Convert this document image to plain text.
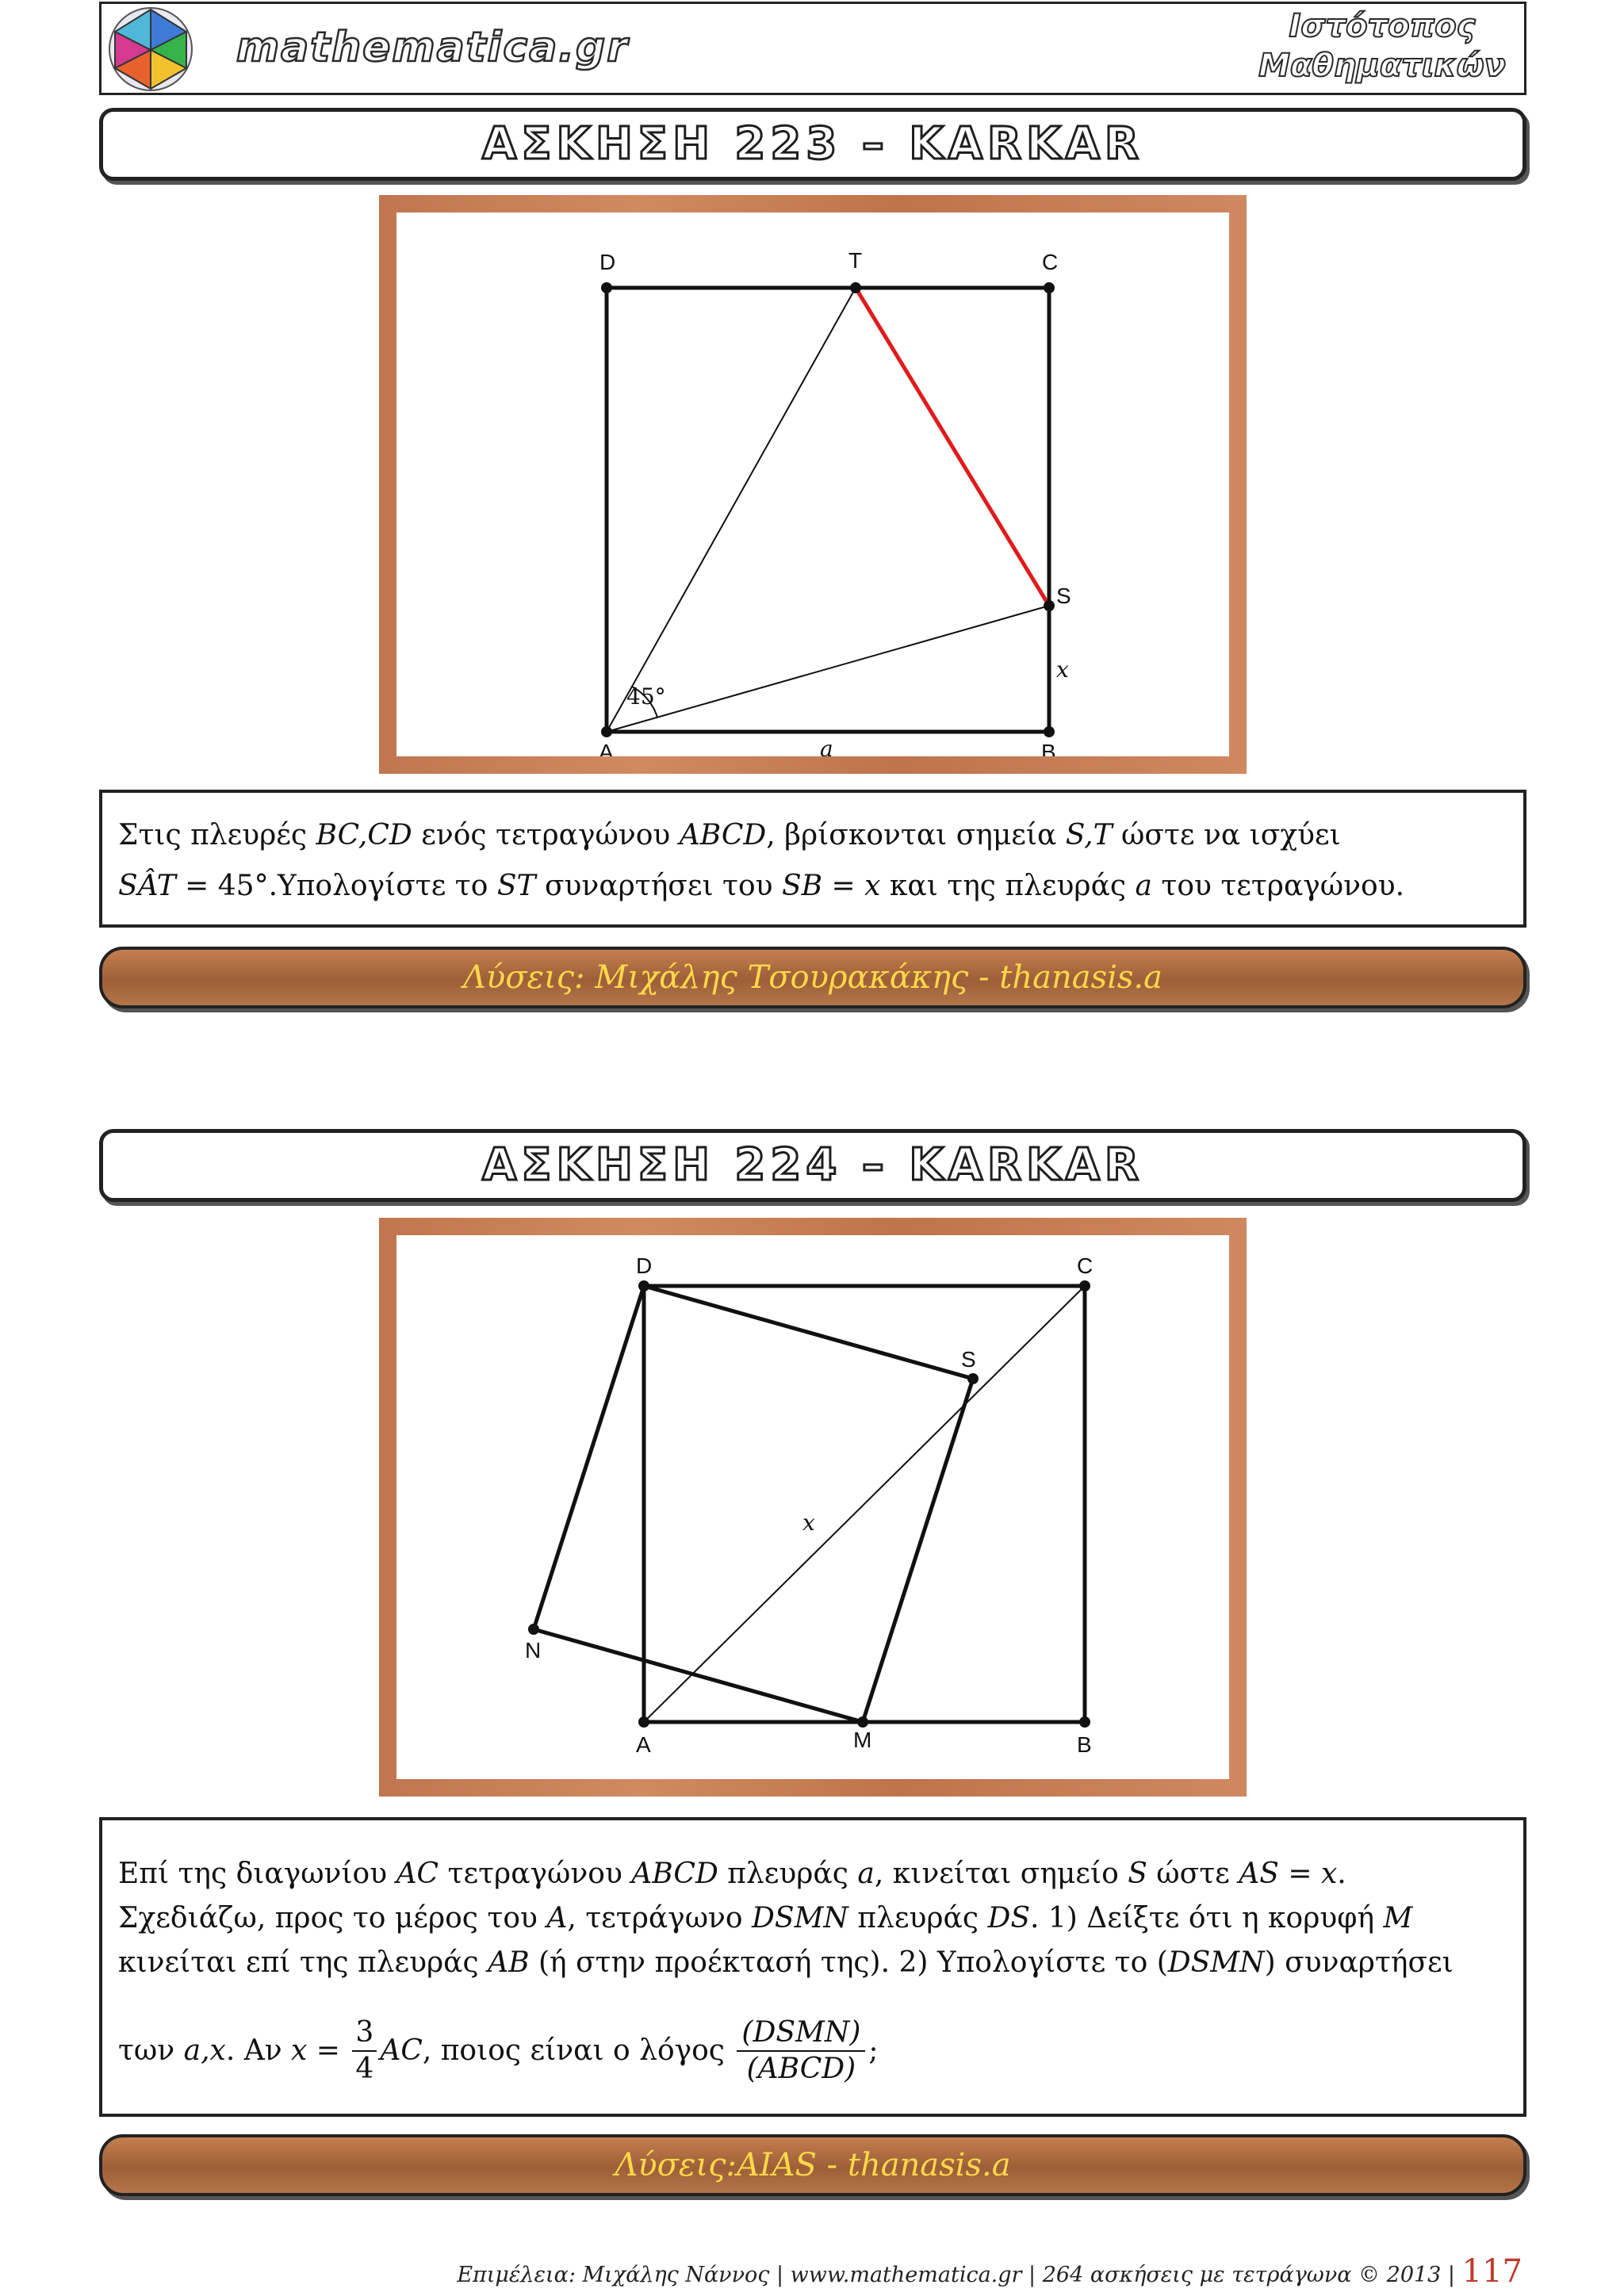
mathematica.gr	Ιστότοπος
Μαθηματικών
ΑΣΚΗΣΗ 223 – KARKAR
D	T	C
S
A	B
x
a
45°

Στις πλευρές BC,CD ενός τετραγώνου ABCD, βρίσκονται σημεία S,T ώστε να ισχύει

SÂT = 45°.Υπολογίστε το ST συναρτήσει του SB = x και της πλευράς a του τετραγώνου.

Λύσεις: Μιχάλης Τσουρακάκης - thanasis.a
ΑΣΚΗΣΗ 224 – KARKAR
D	C
S
N
A	M	B
x

Επί της διαγωνίου AC τετραγώνου ABCD πλευράς a, κινείται σημείο S ώστε AS = x.

Σχεδιάζω, προς το μέρος του A, τετράγωνο DSMN πλευράς DS. 1) Δείξτε ότι η κορυφή M

κινείται επί της πλευράς AB (ή στην προέκτασή της). 2) Υπολογίστε το (DSMN) συναρτήσει

των a,x . Αν $x = \frac{3}{4}$ AC , ποιος είναι ο λόγος
(DSMN)
(ABCD)
;

Λύσεις:AIAS - thanasis.a
Επιμέλεια: Μιχάλης Νάννος | www.mathematica.gr | 264 ασκήσεις με τετράγωνα © 2013 | 117
